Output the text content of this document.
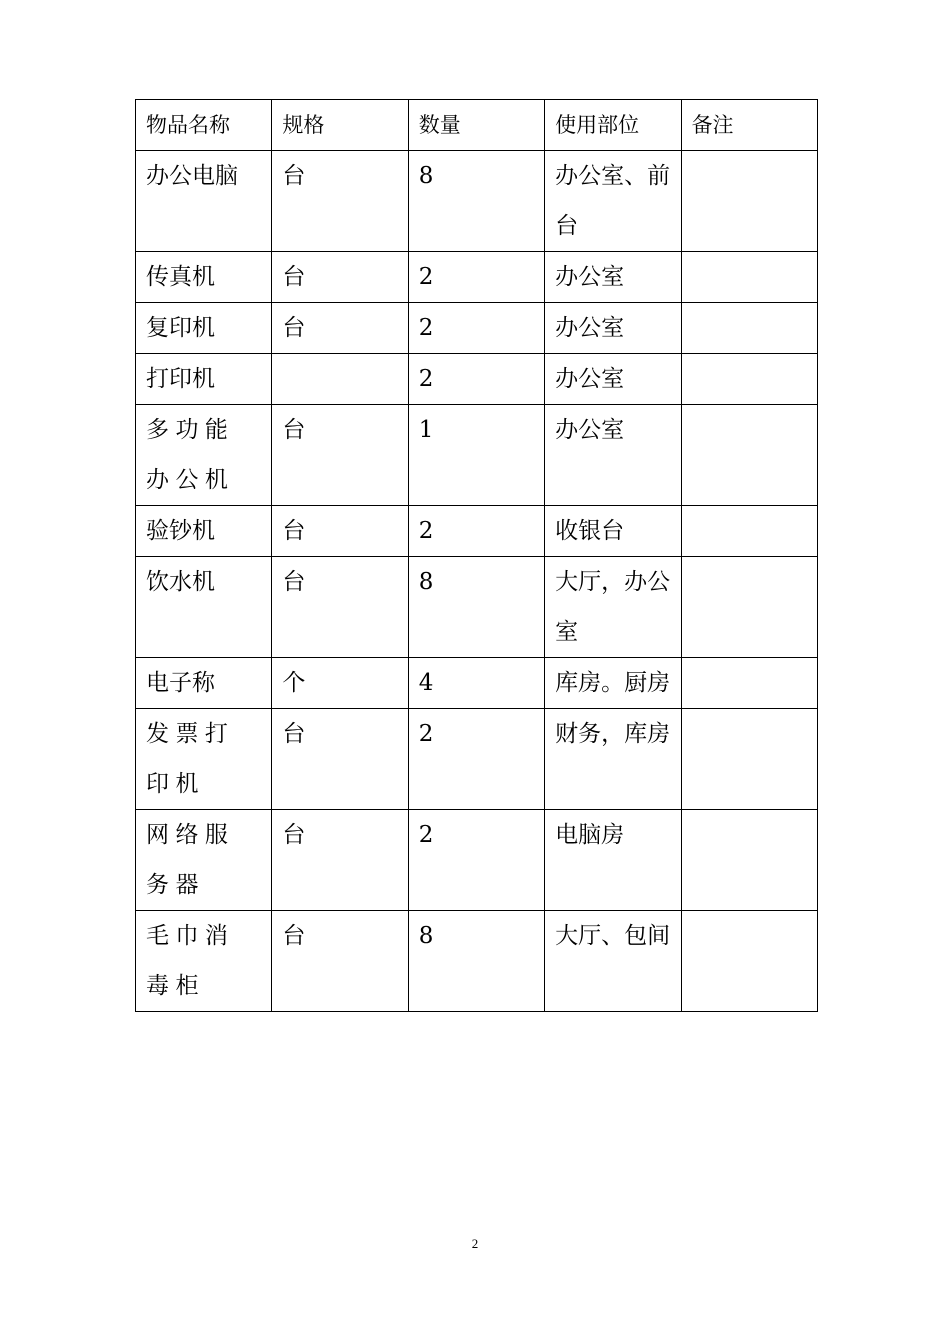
物品名称	规格	数量	使用部位	备注
办公电脑	台	8	办公室、前台	
传真机	台	2	办公室	
复印机	台	2	办公室	
打印机		2	办公室	
多功能办公机	台	1	办公室	
验钞机	台	2	收银台	
饮水机	台	8	大厅，办公室	
电子称	个	4	库房。厨房	
发票打印机	台	2	财务，库房	
网络服务器	台	2	电脑房	
毛巾消毒柜	台	8	大厅、包间	
2
